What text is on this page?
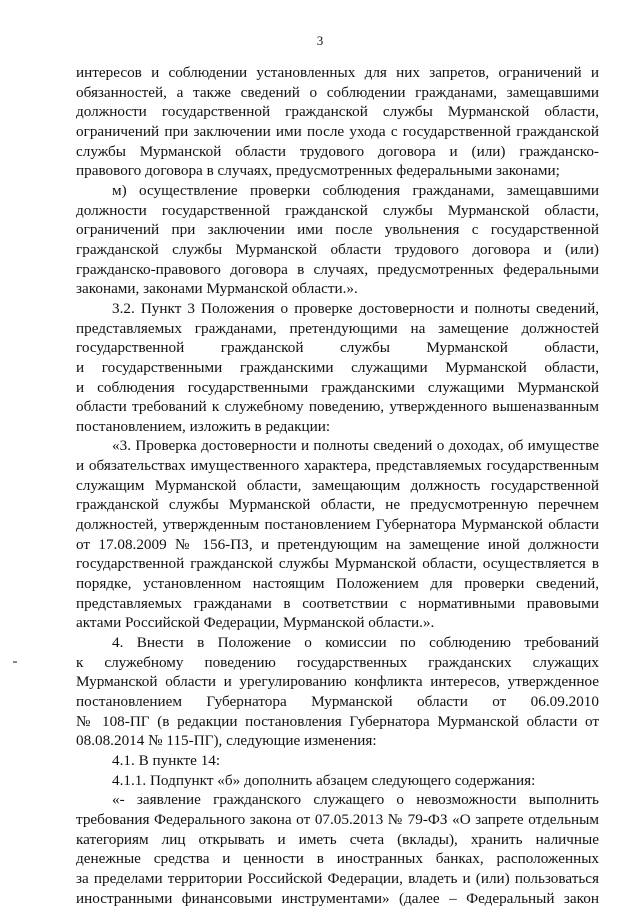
3
интересов и соблюдении установленных для них запретов, ограничений и
обязанностей, а также сведений о соблюдении гражданами, замещавшими
должности государственной гражданской службы Мурманской области,
ограничений при заключении ими после ухода с государственной гражданской
службы Мурманской области трудового договора и (или) гражданско-
правового договора в случаях, предусмотренных федеральными законами;
м) осуществление проверки соблюдения гражданами, замещавшими
должности государственной гражданской службы Мурманской области,
ограничений при заключении ими после увольнения с государственной
гражданской службы Мурманской области трудового договора и (или)
гражданско-правового договора в случаях, предусмотренных федеральными
законами, законами Мурманской области.».
3.2. Пункт 3 Положения о проверке достоверности и полноты сведений,
представляемых гражданами, претендующими на замещение должностей
государственной гражданской службы Мурманской области,
и государственными гражданскими служащими Мурманской области,
и соблюдения государственными гражданскими служащими Мурманской
области требований к служебному поведению, утвержденного вышеназванным
постановлением, изложить в редакции:
«3. Проверка достоверности и полноты сведений о доходах, об имуществе
и обязательствах имущественного характера, представляемых государственным
служащим Мурманской области, замещающим должность государственной
гражданской службы Мурманской области, не предусмотренную перечнем
должностей, утвержденным постановлением Губернатора Мурманской области
от 17.08.2009 № 156-ПЗ, и претендующим на замещение иной должности
государственной гражданской службы Мурманской области, осуществляется в
порядке, установленном настоящим Положением для проверки сведений,
представляемых гражданами в соответствии с нормативными правовыми
актами Российской Федерации, Мурманской области.».
4. Внести в Положение о комиссии по соблюдению требований
к служебному поведению государственных гражданских служащих
Мурманской области и урегулированию конфликта интересов, утвержденное
постановлением Губернатора Мурманской области от 06.09.2010
№ 108-ПГ (в редакции постановления Губернатора Мурманской области от
08.08.2014 № 115-ПГ), следующие изменения:
4.1. В пункте 14:
4.1.1. Подпункт «б» дополнить абзацем следующего содержания:
«- заявление гражданского служащего о невозможности выполнить
требования Федерального закона от 07.05.2013 № 79-ФЗ «О запрете отдельным
категориям лиц открывать и иметь счета (вклады), хранить наличные
денежные средства и ценности в иностранных банках, расположенных
за пределами территории Российской Федерации, владеть и (или) пользоваться
иностранными финансовыми инструментами» (далее – Федеральный закон
